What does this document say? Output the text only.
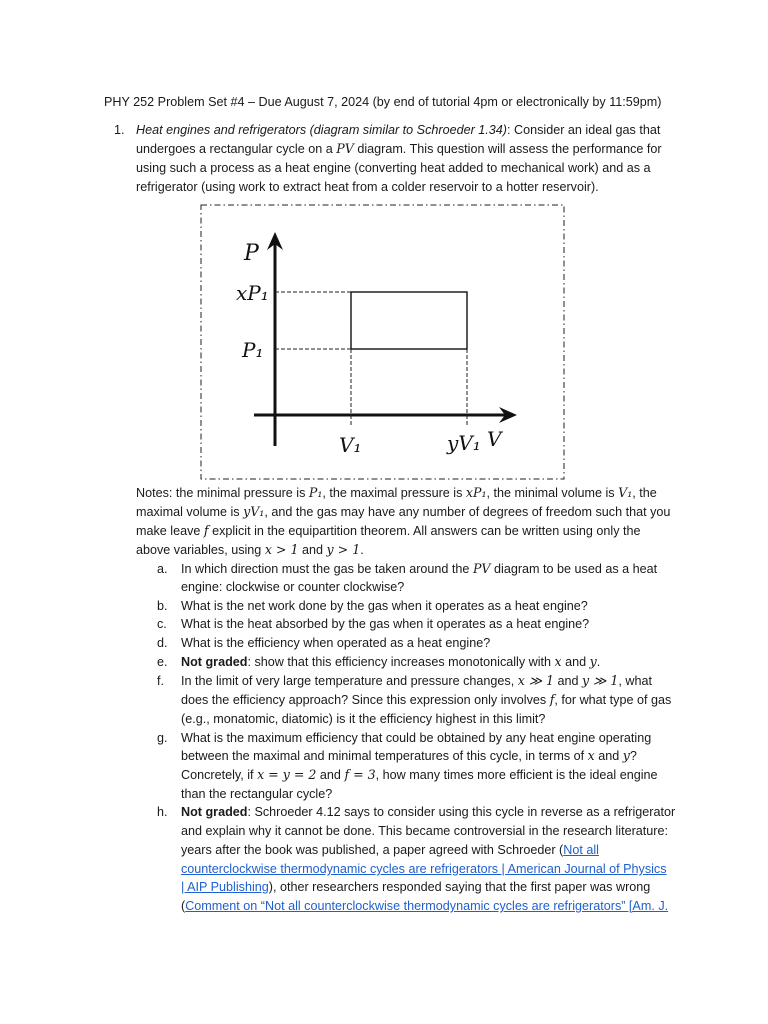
PHY 252 Problem Set #4 – Due August 7, 2024 (by end of tutorial 4pm or electronically by 11:59pm)
1. Heat engines and refrigerators (diagram similar to Schroeder 1.34): Consider an ideal gas that
undergoes a rectangular cycle on a PV diagram. This question will assess the performance for
using such a process as a heat engine (converting heat added to mechanical work) and as a
refrigerator (using work to extract heat from a colder reservoir to a hotter reservoir).
P
xP₁
P₁
V₁	yV₁ V
Notes: the minimal pressure is P₁, the maximal pressure is xP₁, the minimal volume is V₁, the
maximal volume is yV₁, and the gas may have any number of degrees of freedom such that you
make leave f explicit in the equipartition theorem. All answers can be written using only the
above variables, using x > 1 and y > 1.
a. In which direction must the gas be taken around the PV diagram to be used as a heat
engine: clockwise or counter clockwise?
b. What is the net work done by the gas when it operates as a heat engine?
c. What is the heat absorbed by the gas when it operates as a heat engine?
d. What is the efficiency when operated as a heat engine?
e. Not graded: show that this efficiency increases monotonically with x and y.
f. In the limit of very large temperature and pressure changes, x ≫ 1 and y ≫ 1, what
does the efficiency approach? Since this expression only involves f, for what type of gas
(e.g., monatomic, diatomic) is it the efficiency highest in this limit?
g. What is the maximum efficiency that could be obtained by any heat engine operating
between the maximal and minimal temperatures of this cycle, in terms of x and y?
Concretely, if x = y = 2 and f = 3, how many times more efficient is the ideal engine
than the rectangular cycle?
h. Not graded: Schroeder 4.12 says to consider using this cycle in reverse as a refrigerator
and explain why it cannot be done. This became controversial in the research literature:
years after the book was published, a paper agreed with Schroeder (Not all
counterclockwise thermodynamic cycles are refrigerators | American Journal of Physics
| AIP Publishing), other researchers responded saying that the first paper was wrong
(Comment on “Not all counterclockwise thermodynamic cycles are refrigerators” [Am. J.
